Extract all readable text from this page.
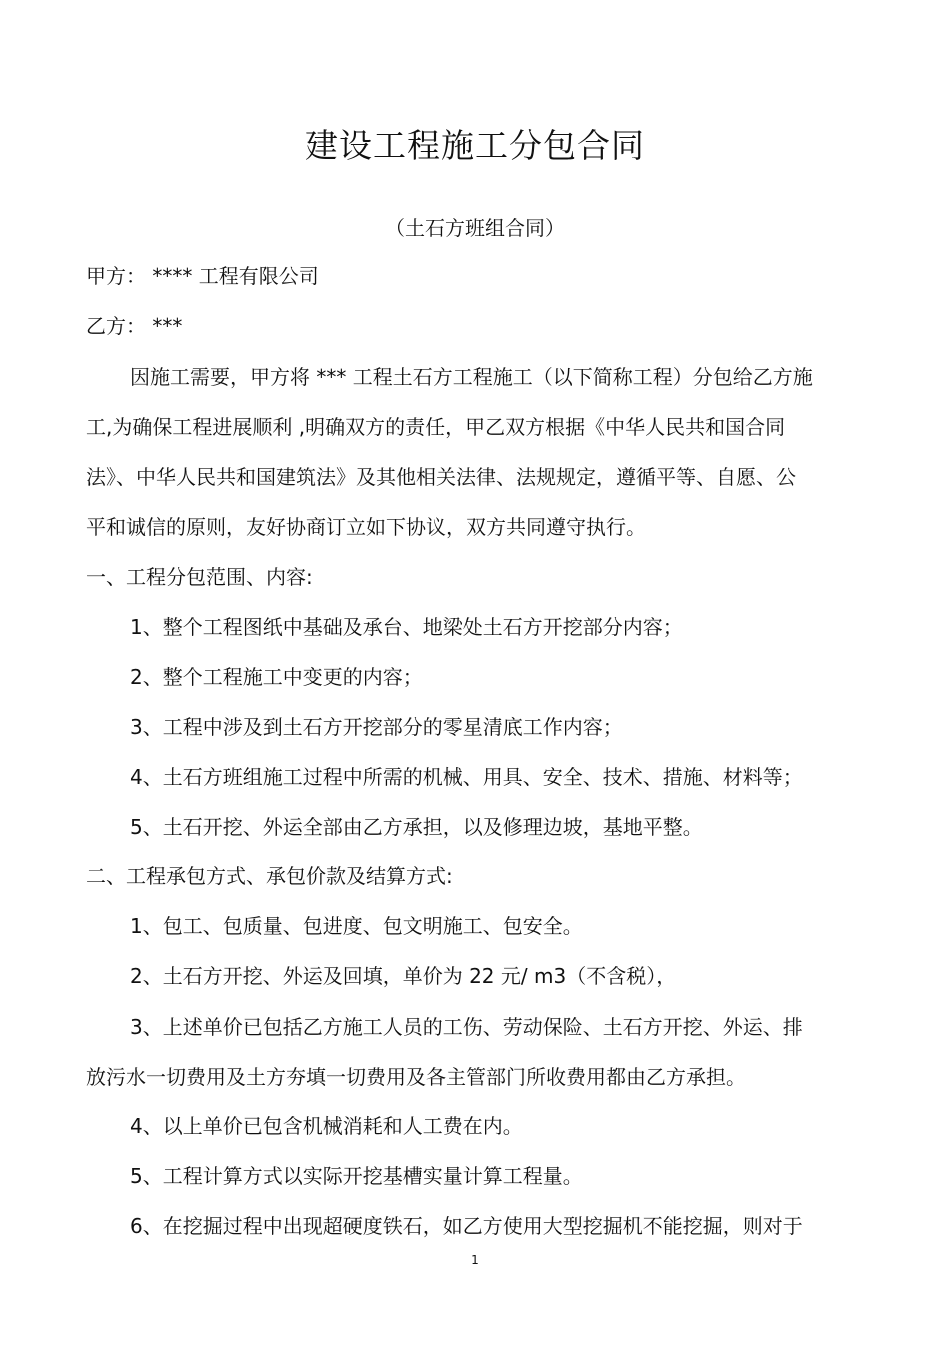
建设工程施工分包合同
（土石方班组合同）
甲方： **** 工程有限公司
乙方： ***
因施工需要，甲方将 *** 工程土石方工程施工（以下简称工程）分包给乙方施
工,为确保工程进展顺利 ,明确双方的责任，甲乙双方根据《中华人民共和国合同
法》、中华人民共和国建筑法》及其他相关法律、法规规定，遵循平等、自愿、公
平和诚信的原则，友好协商订立如下协议，双方共同遵守执行。
一、工程分包范围、内容:
1、整个工程图纸中基础及承台、地梁处土石方开挖部分内容；
2、整个工程施工中变更的内容；
3、工程中涉及到土石方开挖部分的零星清底工作内容；
4、土石方班组施工过程中所需的机械、用具、安全、技术、措施、材料等；
5、土石开挖、外运全部由乙方承担，以及修理边坡，基地平整。
二、工程承包方式、承包价款及结算方式:
1、包工、包质量、包进度、包文明施工、包安全。
2、土石方开挖、外运及回填，单价为 22 元/ m3（不含税），
3、上述单价已包括乙方施工人员的工伤、劳动保险、土石方开挖、外运、排
放污水一切费用及土方夯填一切费用及各主管部门所收费用都由乙方承担。
4、以上单价已包含机械消耗和人工费在内。
5、工程计算方式以实际开挖基槽实量计算工程量。
6、在挖掘过程中出现超硬度铁石，如乙方使用大型挖掘机不能挖掘，则对于
1
